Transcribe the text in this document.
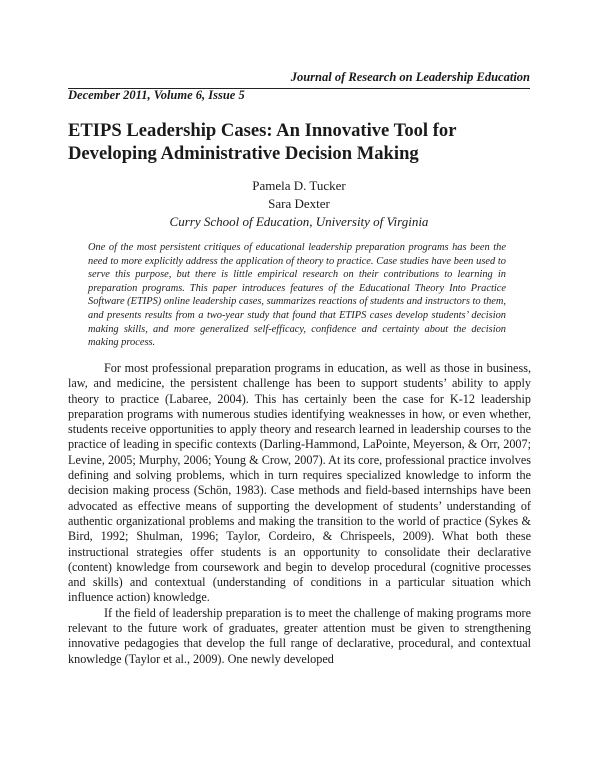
Journal of Research on Leadership Education
December 2011, Volume 6, Issue 5
ETIPS Leadership Cases: An Innovative Tool for
Developing Administrative Decision Making
Pamela D. Tucker
Sara Dexter
Curry School of Education, University of Virginia
One of the most persistent critiques of educational leadership preparation programs has been the need to more explicitly address the application of theory to practice. Case studies have been used to serve this purpose, but there is little empirical research on their contributions to learning in preparation programs. This paper introduces features of the Educational Theory Into Practice Software (ETIPS) online leadership cases, summarizes reactions of students and instructors to them, and presents results from a two-year study that found that ETIPS cases develop students’ decision making skills, and more generalized self-efficacy, confidence and certainty about the decision making process.

For most professional preparation programs in education, as well as those in business, law, and medicine, the persistent challenge has been to support students’ ability to apply theory to practice (Labaree, 2004). This has certainly been the case for K-12 leadership preparation programs with numerous studies identifying weaknesses in how, or even whether, students receive opportunities to apply theory and research learned in leadership courses to the practice of leading in specific contexts (Darling-Hammond, LaPointe, Meyerson, & Orr, 2007; Levine, 2005; Murphy, 2006; Young & Crow, 2007). At its core, professional practice involves defining and solving problems, which in turn requires specialized knowledge to inform the decision making process (Schön, 1983). Case methods and field-based internships have been advocated as effective means of supporting the development of students’ understanding of authentic organizational problems and making the transition to the world of practice (Sykes & Bird, 1992; Shulman, 1996; Taylor, Cordeiro, & Chrispeels, 2009). What both these instructional strategies offer students is an opportunity to consolidate their declarative (content) knowledge from coursework and begin to develop procedural (cognitive processes and skills) and contextual (understanding of conditions in a particular situation which influence action) knowledge.

If the field of leadership preparation is to meet the challenge of making programs more relevant to the future work of graduates, greater attention must be given to strengthening innovative pedagogies that develop the full range of declarative, procedural, and contextual knowledge (Taylor et al., 2009). One newly developed
